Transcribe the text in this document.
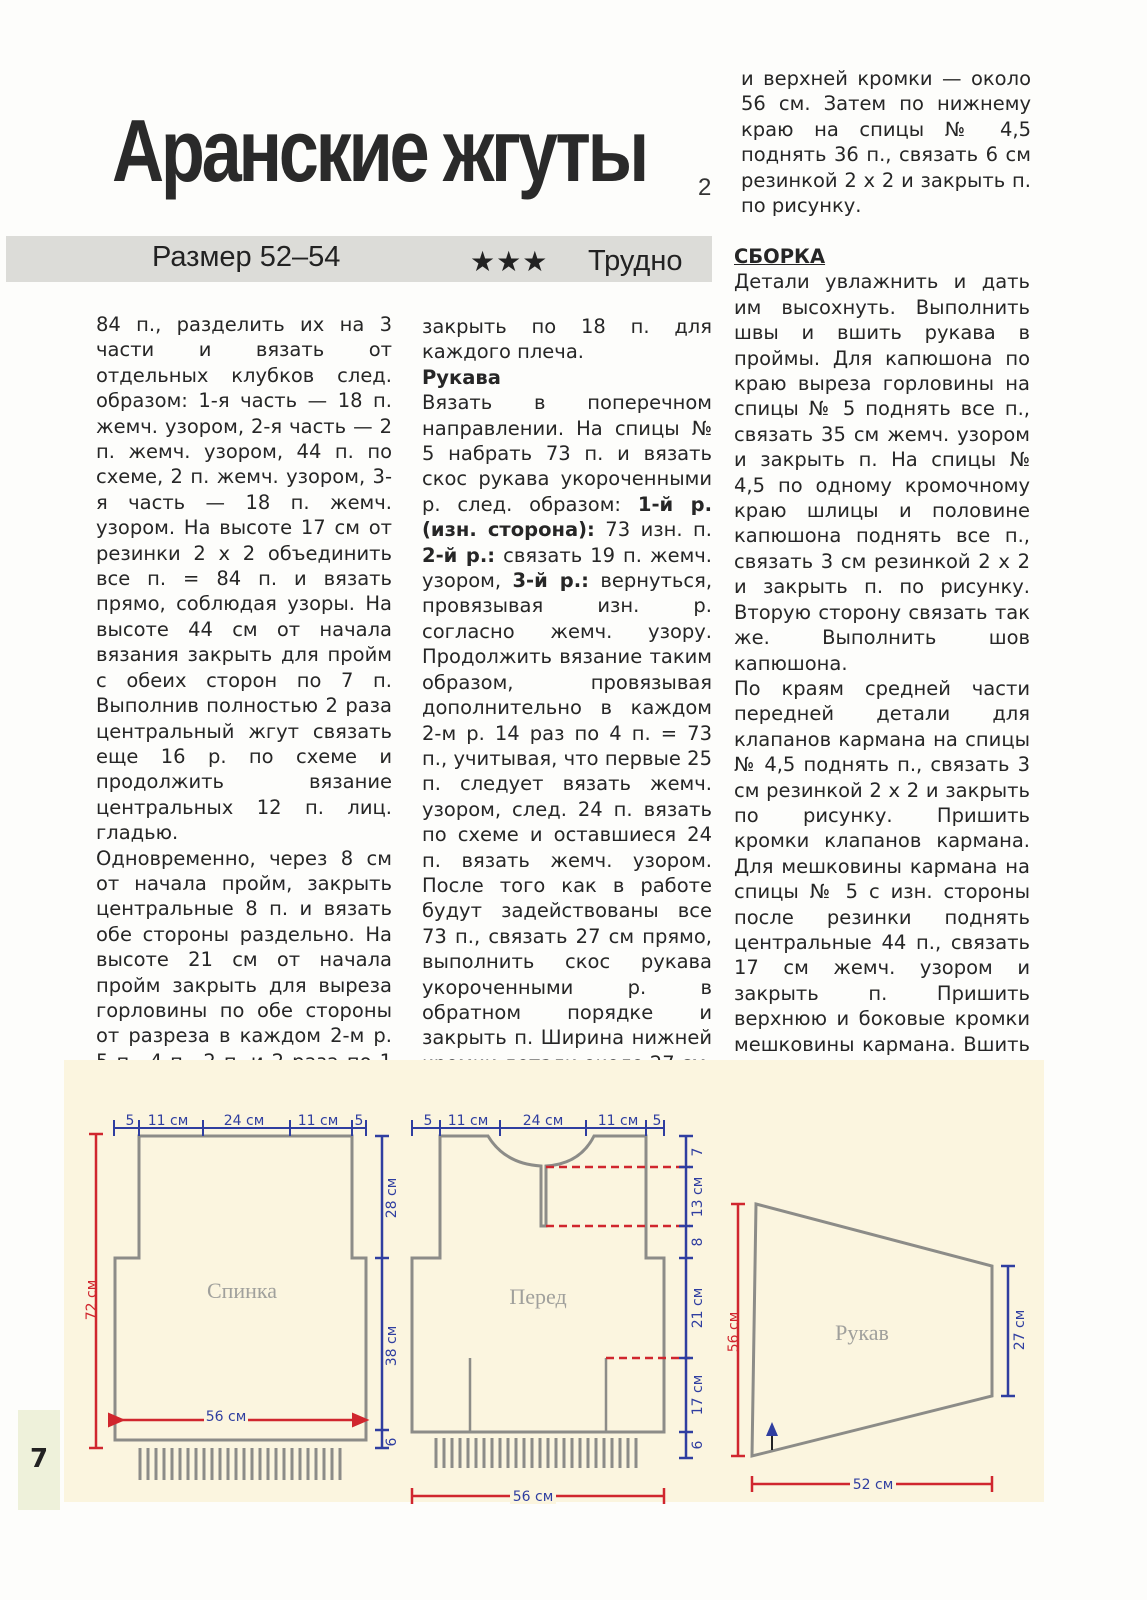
Аранские жгуты 2
Размер 52–54	★★★ Трудно

84 п., разделить их на 3 части и вязать от отдельных клубков след. образом: 1-я часть — 18 п. жемч. узором, 2-я часть — 2 п. жемч. узором, 44 п. по схеме, 2 п. жемч. узором, 3-я часть — 18 п. жемч. узором. На высоте 17 см от резинки 2 х 2 объединить все п. = 84 п. и вязать прямо, соблюдая узоры. На высоте 44 см от начала вязания закрыть для пройм с обеих сторон по 7 п. Выполнив полностью 2 раза центральный жгут связать еще 16 р. по схеме и продолжить вязание центральных 12 п. лиц. гладью.

Одновременно, через 8 см от начала пройм, закрыть центральные 8 п. и вязать обе стороны раздельно. На высоте 21 см от начала пройм закрыть для выреза горловины по обе стороны от разреза в каждом 2-м р.

закрыть по 18 п. для каждого плеча.

Рукава

Вязать в поперечном направлении. На спицы № 5 набрать 73 п. и вязать скос рукава укороченными р. след. образом: 1-й р. (изн. сторона): 73 изн. п. 2-й р.: связать 19 п. жемч. узором, 3-й р.: вернуться, провязывая изн. р. согласно жемч. узору. Продолжить вязание таким образом, провязывая дополнительно в каждом 2-м р. 14 раз по 4 п. = 73 п., учитывая, что первые 25 п. следует вязать жемч. узором, след. 24 п. вязать по схеме и оставшиеся 24 п. вязать жемч. узором. После того как в работе будут задействованы все 73 п., связать 27 см прямо, выполнить скос рукава укороченными р. в обратном порядке и закрыть п. Ширина нижней

и верхней кромки — около 56 см. Затем по нижнему краю на спицы № 4,5 поднять 36 п., связать 6 см резинкой 2 х 2 и закрыть п. по рисунку.

СБОРКА

Детали увлажнить и дать им высохнуть. Выполнить швы и вшить рукава в проймы. Для капюшона по краю выреза горловины на спицы № 5 поднять все п., связать 35 см жемч. узором и закрыть п. На спицы № 4,5 по одному кромочному краю шлицы и половине капюшона поднять все п., связать 3 см резинкой 2 х 2 и закрыть п. по рисунку. Вторую сторону связать так же. Выполнить шов капюшона.

По краям средней части передней детали для клапанов кармана на спицы № 4,5 поднять п., связать 3 см резинкой 2 х 2 и закрыть по рисунку. Пришить кромки клапанов кармана. Для мешковины кармана на спицы № 5 с изн. стороны после резинки поднять центральные 44 п., связать 17 см жемч. узором и закрыть п. Пришить верхнюю и боковые кромки мешковины кармана. Вшить

7
5 11 см	24 см 11 см 5
72 см
28 см
38 см
6
56 см
Спинка
5 11 см 24 см 11 см 5
7
13 см
8
21 см
17 см
6
56 см
Перед
56 см	27 см
52 см
Рукав
